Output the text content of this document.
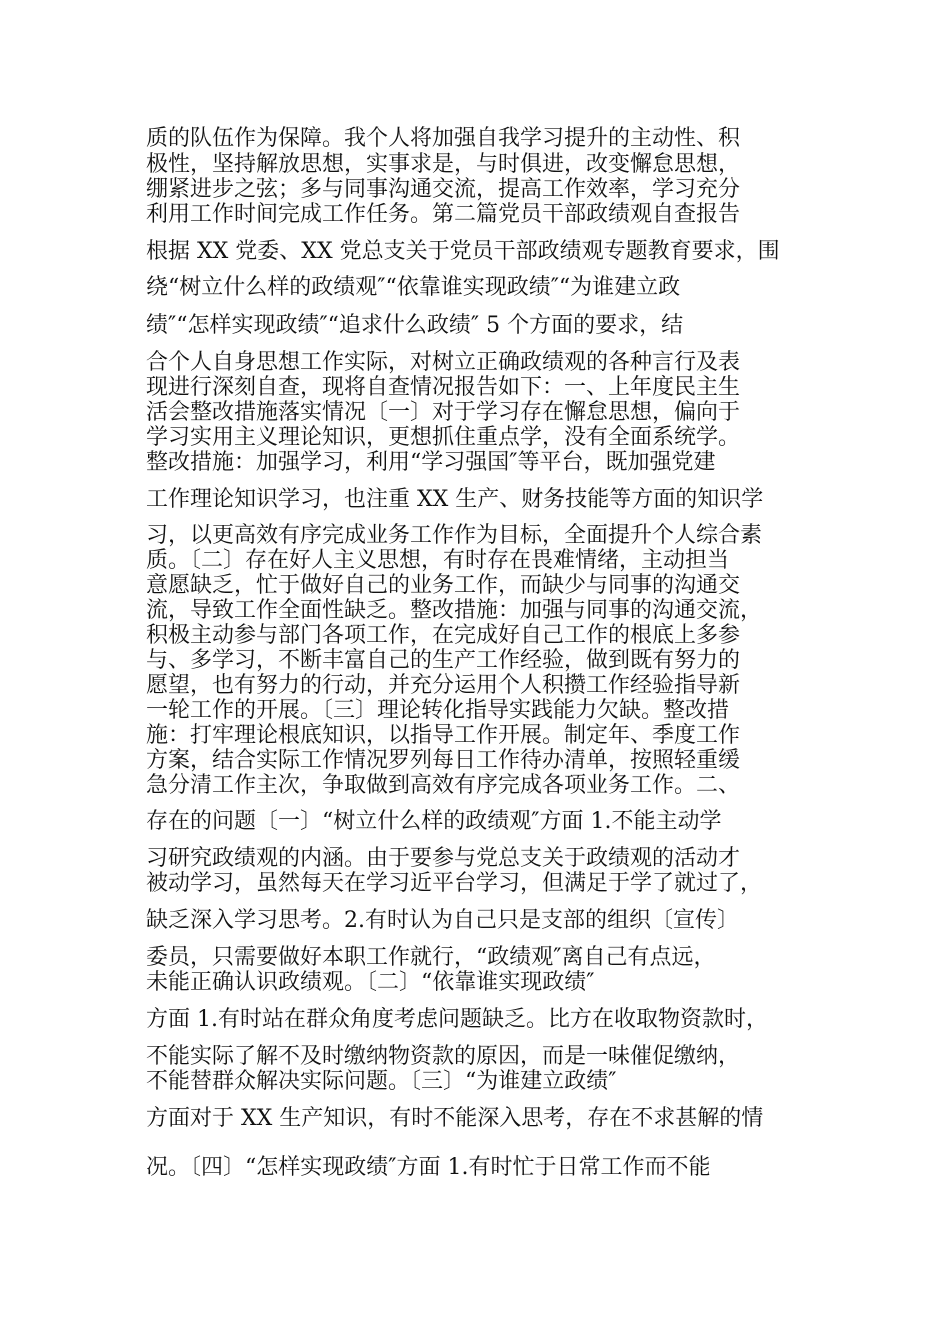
质的队伍作为保障。我个人将加强自我学习提升的主动性、积
极性，坚持解放思想，实事求是，与时俱进，改变懈怠思想，
绷紧进步之弦；多与同事沟通交流，提高工作效率，学习充分
利用工作时间完成工作任务。第二篇党员干部政绩观自查报告
根据 XX 党委、XX 党总支关于党员干部政绩观专题教育要求，围
绕“树立什么样的政绩观″“依靠谁实现政绩″“为谁建立政
绩″“怎样实现政绩″“追求什么政绩″ 5 个方面的要求，结
合个人自身思想工作实际，对树立正确政绩观的各种言行及表
现进行深刻自查，现将自查情况报告如下：一、上年度民主生
活会整改措施落实情况〔一〕对于学习存在懈怠思想，偏向于
学习实用主义理论知识，更想抓住重点学，没有全面系统学。
整改措施：加强学习，利用“学习强国″等平台，既加强党建
工作理论知识学习，也注重 XX 生产、财务技能等方面的知识学
习，以更高效有序完成业务工作作为目标，全面提升个人综合素
质。〔二〕存在好人主义思想，有时存在畏难情绪，主动担当
意愿缺乏，忙于做好自己的业务工作，而缺少与同事的沟通交
流，导致工作全面性缺乏。整改措施：加强与同事的沟通交流，
积极主动参与部门各项工作，在完成好自己工作的根底上多参
与、多学习，不断丰富自己的生产工作经验，做到既有努力的
愿望，也有努力的行动，并充分运用个人积攒工作经验指导新
一轮工作的开展。〔三〕理论转化指导实践能力欠缺。整改措
施：打牢理论根底知识，以指导工作开展。制定年、季度工作
方案，结合实际工作情况罗列每日工作待办清单，按照轻重缓
急分清工作主次，争取做到高效有序完成各项业务工作。二、
存在的问题〔一〕“树立什么样的政绩观″方面 1.不能主动学
习研究政绩观的内涵。由于要参与党总支关于政绩观的活动才
被动学习，虽然每天在学习近平台学习，但满足于学了就过了，
缺乏深入学习思考。2.有时认为自己只是支部的组织〔宣传〕
委员，只需要做好本职工作就行，“政绩观″离自己有点远，
未能正确认识政绩观。〔二〕“依靠谁实现政绩″
方面 1.有时站在群众角度考虑问题缺乏。比方在收取物资款时，
不能实际了解不及时缴纳物资款的原因，而是一味催促缴纳，
不能替群众解决实际问题。〔三〕“为谁建立政绩″
方面对于 XX 生产知识，有时不能深入思考，存在不求甚解的情
况。〔四〕“怎样实现政绩″方面 1.有时忙于日常工作而不能
